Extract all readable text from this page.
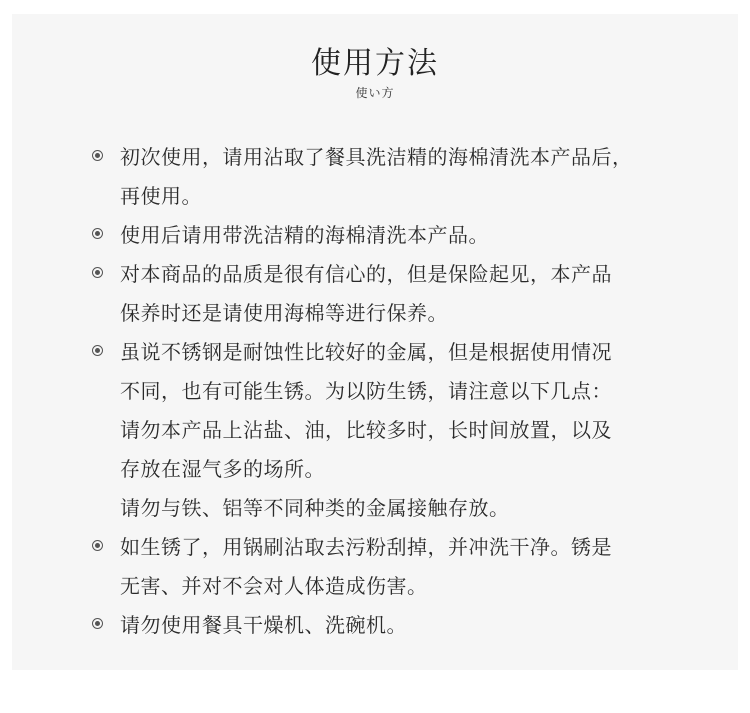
使用方法
使い方
初次使用，请用沾取了餐具洗洁精的海棉清洗本产品后，
再使用。
使用后请用带洗洁精的海棉清洗本产品。
对本商品的品质是很有信心的，但是保险起见，本产品
保养时还是请使用海棉等进行保养。
虽说不锈钢是耐蚀性比较好的金属，但是根据使用情况
不同，也有可能生锈。为以防生锈，请注意以下几点：
请勿本产品上沾盐、油，比较多时，长时间放置，以及
存放在湿气多的场所。
请勿与铁、铝等不同种类的金属接触存放。
如生锈了，用锅刷沾取去污粉刮掉，并冲洗干净。锈是
无害、并对不会对人体造成伤害。
请勿使用餐具干燥机、洗碗机。
